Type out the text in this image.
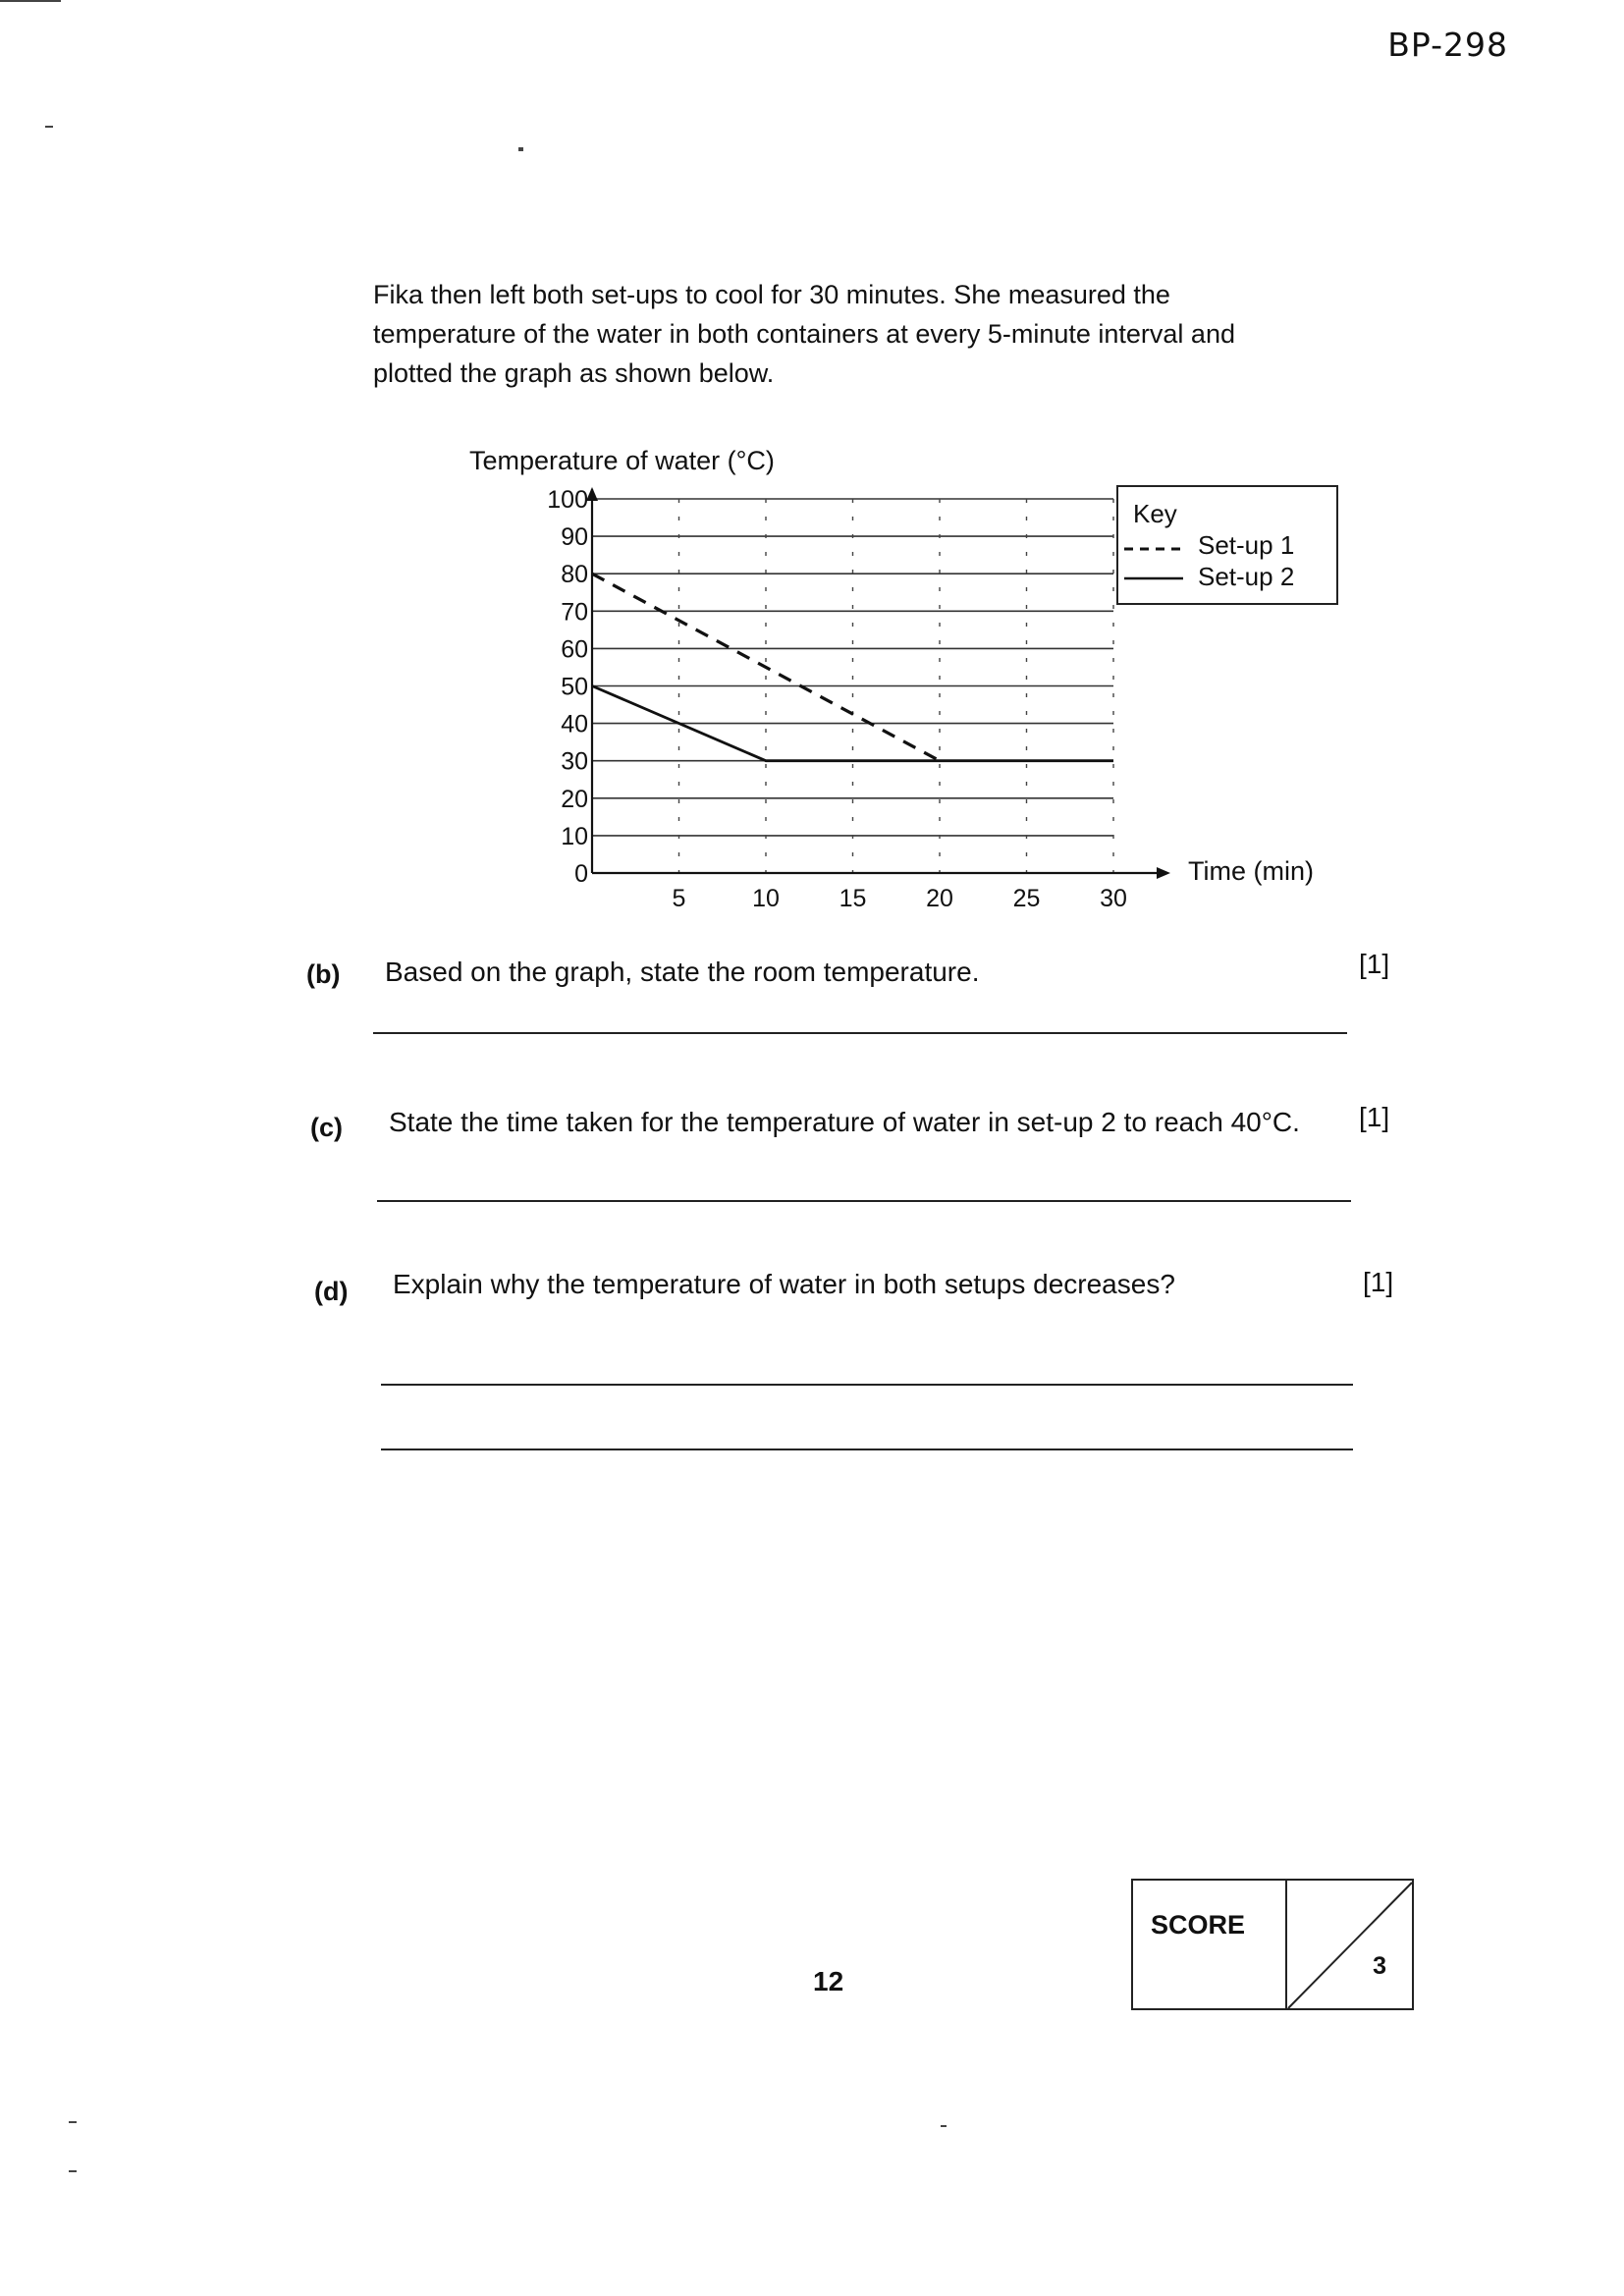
BP-298
Fika then left both set-ups to cool for 30 minutes. She measured the
temperature of the water in both containers at every 5-minute interval and
plotted the graph as shown below.
0
10
20
30
40
50
60
70
80
90
100
5	10 15 20 25 30
Temperature of water (°C)
Time (min)
Key
Set-up 1
Set-up 2
(b) Based on the graph, state the room temperature.	[1]
(c) State the time taken for the temperature of water in set-up 2 to reach 40°C. [1]
(d) Explain why the temperature of water in both setups decreases?	[1]
12
SCORE
3
